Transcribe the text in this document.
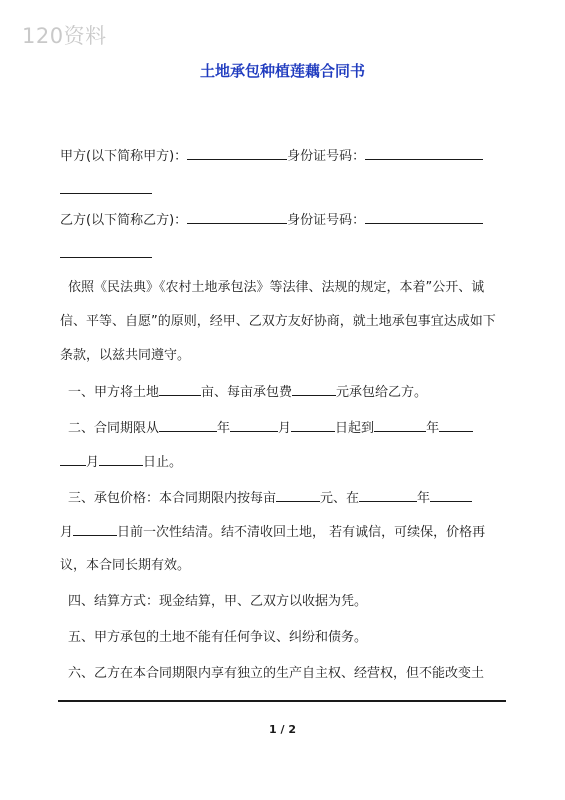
120资料
土地承包种植莲藕合同书
甲方(以下简称甲方)：	身份证号码：
乙方(以下简称乙方)：	身份证号码：
依照《民法典》《农村土地承包法》等法律、法规的规定，本着”公开、诚
信、平等、自愿”的原则，经甲、乙双方友好协商，就土地承包事宜达成如下
条款，以兹共同遵守。
一、甲方将土地	亩、每亩承包费	元承包给乙方。
二、合同期限从	年	月	日起到	年
月	日止。
三、承包价格：本合同期限内按每亩	元、在	年
月	日前一次性结清。结不清收回土地， 若有诚信，可续保，价格再
议，本合同长期有效。
四、结算方式：现金结算，甲、乙双方以收据为凭。
五、甲方承包的土地不能有任何争议、纠纷和债务。
六、乙方在本合同期限内享有独立的生产自主权、经营权，但不能改变土
1 / 2
